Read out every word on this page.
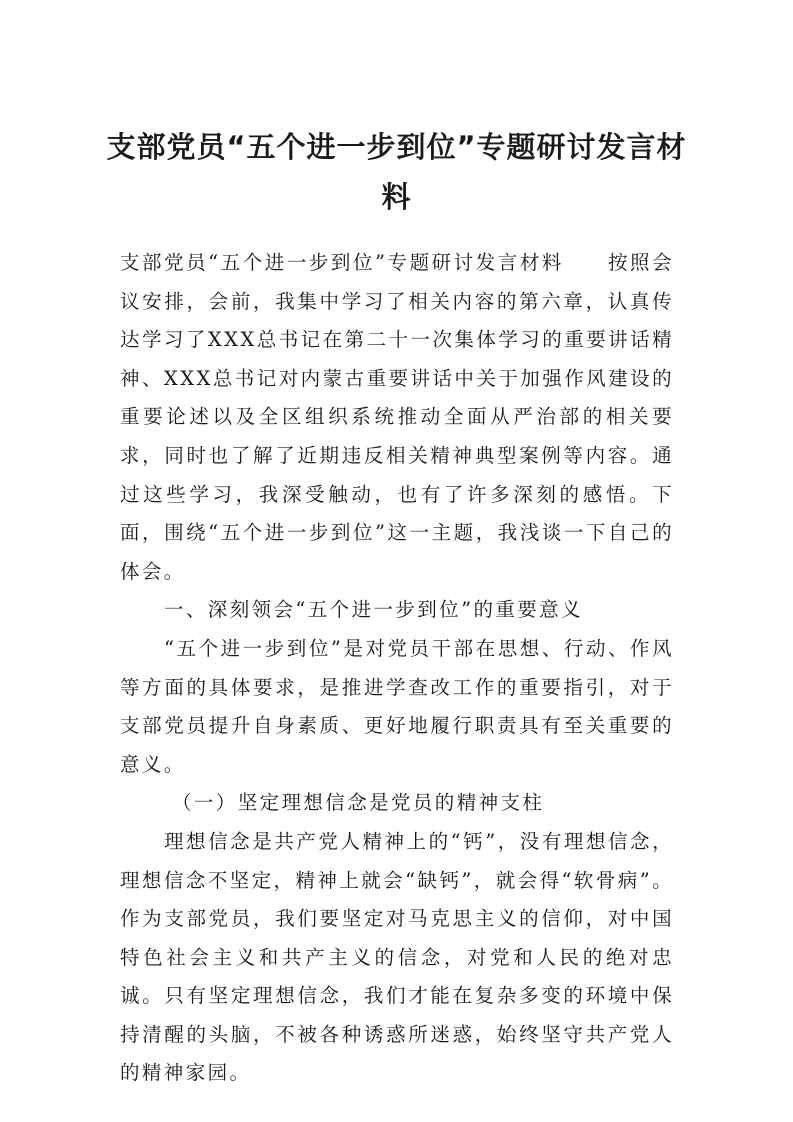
支部党员“五个进一步到位”专题研讨发言材料

支部党员“五个进一步到位”专题研讨发言材料　　按照会议安排，会前，我集中学习了相关内容的第六章，认真传达学习了XXX总书记在第二十一次集体学习的重要讲话精神、XXX总书记对内蒙古重要讲话中关于加强作风建设的重要论述以及全区组织系统推动全面从严治部的相关要求，同时也了解了近期违反相关精神典型案例等内容。通过这些学习，我深受触动，也有了许多深刻的感悟。下面，围绕“五个进一步到位”这一主题，我浅谈一下自己的体会。

一、深刻领会“五个进一步到位”的重要意义

“五个进一步到位”是对党员干部在思想、行动、作风等方面的具体要求，是推进学查改工作的重要指引，对于支部党员提升自身素质、更好地履行职责具有至关重要的意义。

（一）坚定理想信念是党员的精神支柱

理想信念是共产党人精神上的“钙”，没有理想信念，理想信念不坚定，精神上就会“缺钙”，就会得“软骨病”。作为支部党员，我们要坚定对马克思主义的信仰，对中国特色社会主义和共产主义的信念，对党和人民的绝对忠诚。只有坚定理想信念，我们才能在复杂多变的环境中保持清醒的头脑，不被各种诱惑所迷惑，始终坚守共产党人的精神家园。
